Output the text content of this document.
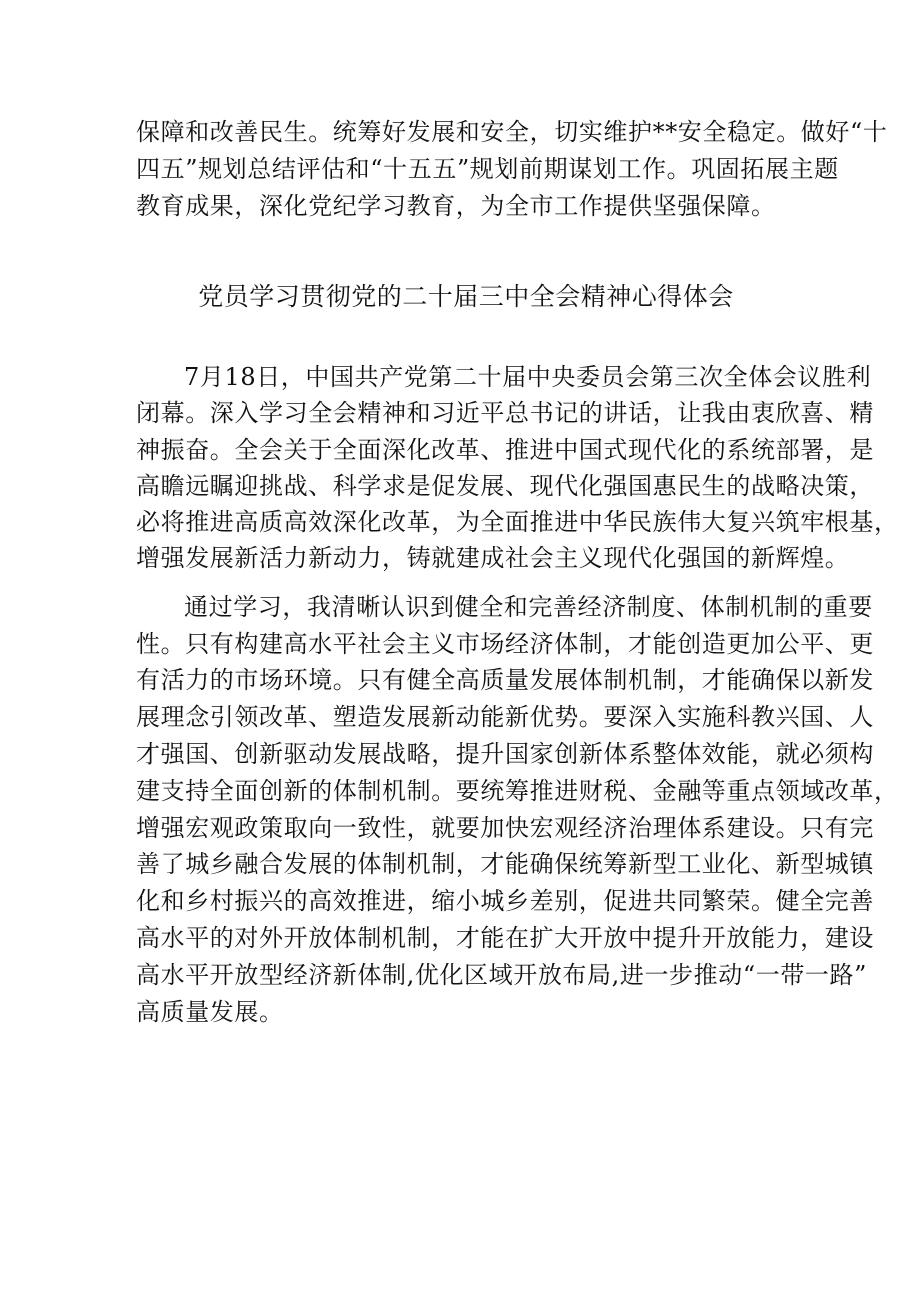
保障和改善民生。统筹好发展和安全，切实维护**安全稳定。做好“十
四五”规划总结评估和“十五五”规划前期谋划工作。巩固拓展主题
教育成果，深化党纪学习教育，为全市工作提供坚强保障。
党员学习贯彻党的二十届三中全会精神心得体会
7月18日，中国共产党第二十届中央委员会第三次全体会议胜利
闭幕。深入学习全会精神和习近平总书记的讲话，让我由衷欣喜、精
神振奋。全会关于全面深化改革、推进中国式现代化的系统部署，是
高瞻远瞩迎挑战、科学求是促发展、现代化强国惠民生的战略决策，
必将推进高质高效深化改革，为全面推进中华民族伟大复兴筑牢根基，
增强发展新活力新动力，铸就建成社会主义现代化强国的新辉煌。
通过学习，我清晰认识到健全和完善经济制度、体制机制的重要
性。只有构建高水平社会主义市场经济体制，才能创造更加公平、更
有活力的市场环境。只有健全高质量发展体制机制，才能确保以新发
展理念引领改革、塑造发展新动能新优势。要深入实施科教兴国、人
才强国、创新驱动发展战略，提升国家创新体系整体效能，就必须构
建支持全面创新的体制机制。要统筹推进财税、金融等重点领域改革，
增强宏观政策取向一致性，就要加快宏观经济治理体系建设。只有完
善了城乡融合发展的体制机制，才能确保统筹新型工业化、新型城镇
化和乡村振兴的高效推进，缩小城乡差别，促进共同繁荣。健全完善
高水平的对外开放体制机制，才能在扩大开放中提升开放能力，建设
高水平开放型经济新体制,优化区域开放布局,进一步推动“一带一路”
高质量发展。
